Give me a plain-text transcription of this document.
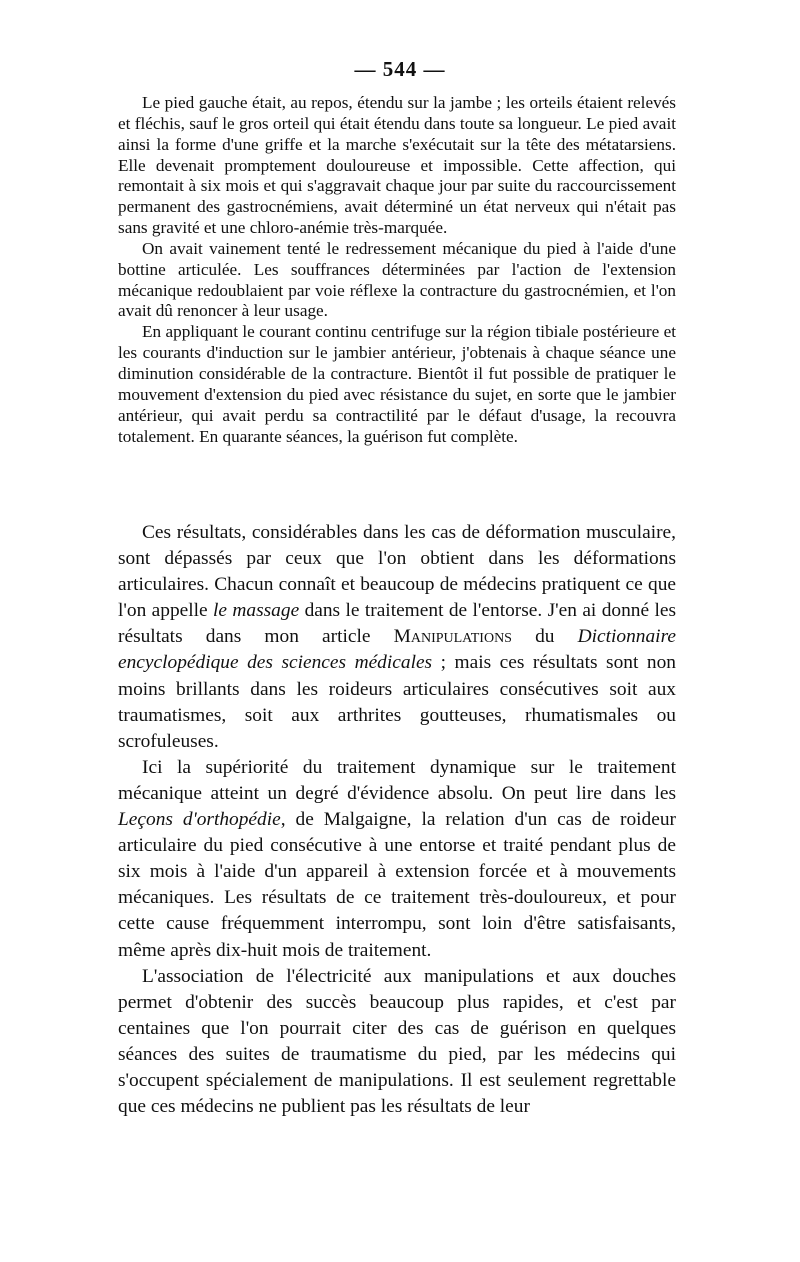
— 544 —

Le pied gauche était, au repos, étendu sur la jambe ; les orteils étaient relevés et fléchis, sauf le gros orteil qui était étendu dans toute sa longueur. Le pied avait ainsi la forme d'une griffe et la marche s'exécutait sur la tête des métatarsiens. Elle devenait promptement douloureuse et impossible. Cette affection, qui remontait à six mois et qui s'aggravait chaque jour par suite du raccourcissement permanent des gastrocnémiens, avait déterminé un état nerveux qui n'était pas sans gravité et une chloro-anémie très-marquée.

On avait vainement tenté le redressement mécanique du pied à l'aide d'une bottine articulée. Les souffrances déterminées par l'action de l'extension mécanique redoublaient par voie réflexe la contracture du gastrocnémien, et l'on avait dû renoncer à leur usage.

En appliquant le courant continu centrifuge sur la région tibiale postérieure et les courants d'induction sur le jambier antérieur, j'obtenais à chaque séance une diminution considérable de la contracture. Bientôt il fut possible de pratiquer le mouvement d'extension du pied avec résistance du sujet, en sorte que le jambier antérieur, qui avait perdu sa contractilité par le défaut d'usage, la recouvra totalement. En quarante séances, la guérison fut complète.

Ces résultats, considérables dans les cas de déformation musculaire, sont dépassés par ceux que l'on obtient dans les déformations articulaires. Chacun connaît et beaucoup de médecins pratiquent ce que l'on appelle le massage dans le traitement de l'entorse. J'en ai donné les résultats dans mon article Manipulations du Dictionnaire encyclopédique des sciences médicales ; mais ces résultats sont non moins brillants dans les roideurs articulaires consécutives soit aux traumatismes, soit aux arthrites goutteuses, rhumatismales ou scrofuleuses.

Ici la supériorité du traitement dynamique sur le traitement mécanique atteint un degré d'évidence absolu. On peut lire dans les Leçons d'orthopédie, de Malgaigne, la relation d'un cas de roideur articulaire du pied consécutive à une entorse et traité pendant plus de six mois à l'aide d'un appareil à extension forcée et à mouvements mécaniques. Les résultats de ce traitement très-douloureux, et pour cette cause fréquemment interrompu, sont loin d'être satisfaisants, même après dix-huit mois de traitement.

L'association de l'électricité aux manipulations et aux douches permet d'obtenir des succès beaucoup plus rapides, et c'est par centaines que l'on pourrait citer des cas de guérison en quelques séances des suites de traumatisme du pied, par les médecins qui s'occupent spécialement de manipulations. Il est seulement regrettable que ces médecins ne publient pas les résultats de leur
